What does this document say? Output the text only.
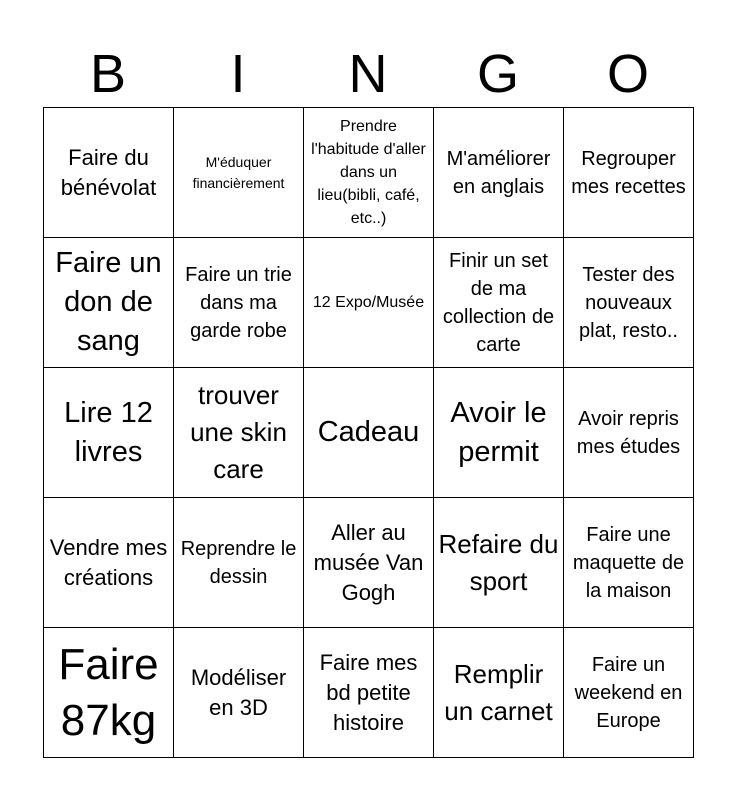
B	I	N	G	O
Faire du bénévolat
M'éduquer financièrement
Prendre l'habitude d'aller dans un lieu(bibli, café, etc..)
M'améliorer en anglais
Regrouper mes recettes
Faire un don de sang
Faire un trie dans ma garde robe
12 Expo/Musée
Finir un set de ma collection de carte
Tester des nouveaux plat, resto..
Lire 12 livres
trouver une skin care
Cadeau
Avoir le permit
Avoir repris mes études
Vendre mes créations
Reprendre le dessin
Aller au musée Van Gogh
Refaire du sport
Faire une maquette de la maison
Faire 87kg
Modéliser en 3D
Faire mes bd petite histoire
Remplir un carnet
Faire un weekend en Europe
